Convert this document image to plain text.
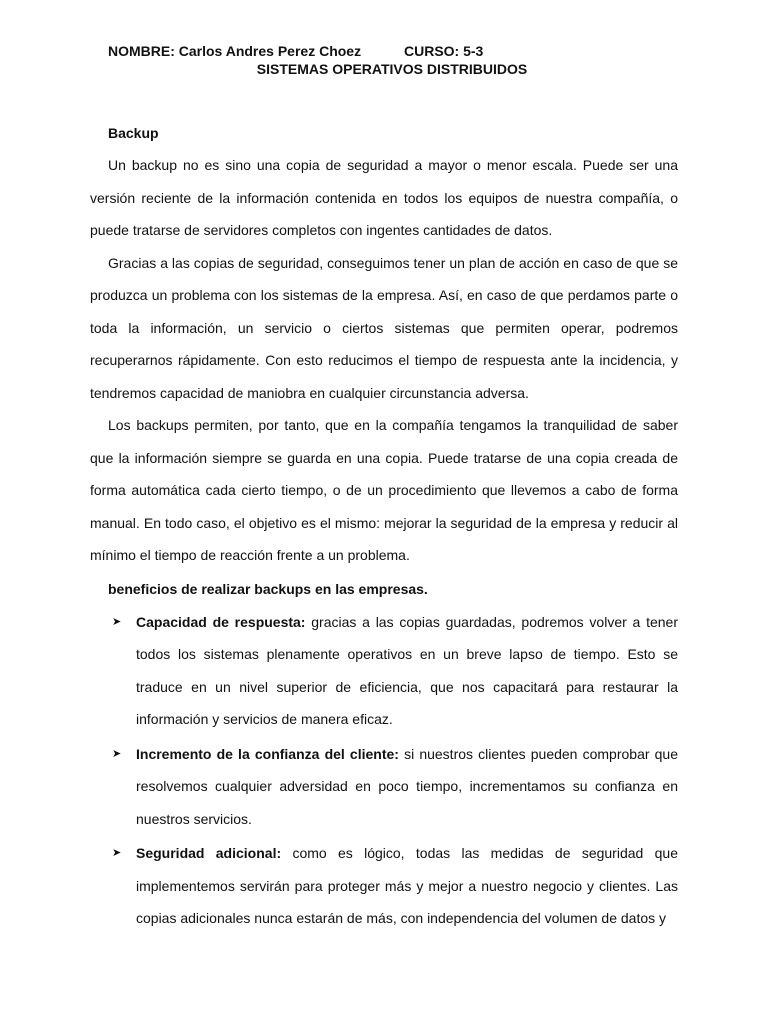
NOMBRE: Carlos Andres Perez Choez	CURSO: 5-3
SISTEMAS OPERATIVOS DISTRIBUIDOS
Backup

Un backup no es sino una copia de seguridad a mayor o menor escala. Puede ser una versión reciente de la información contenida en todos los equipos de nuestra compañía, o puede tratarse de servidores completos con ingentes cantidades de datos.

Gracias a las copias de seguridad, conseguimos tener un plan de acción en caso de que se produzca un problema con los sistemas de la empresa. Así, en caso de que perdamos parte o toda la información, un servicio o ciertos sistemas que permiten operar, podremos recuperarnos rápidamente. Con esto reducimos el tiempo de respuesta ante la incidencia, y tendremos capacidad de maniobra en cualquier circunstancia adversa.

Los backups permiten, por tanto, que en la compañía tengamos la tranquilidad de saber que la información siempre se guarda en una copia. Puede tratarse de una copia creada de forma automática cada cierto tiempo, o de un procedimiento que llevemos a cabo de forma manual. En todo caso, el objetivo es el mismo: mejorar la seguridad de la empresa y reducir al mínimo el tiempo de reacción frente a un problema.

beneficios de realizar backups en las empresas.
➤ Capacidad de respuesta: gracias a las copias guardadas, podremos volver a tener todos los sistemas plenamente operativos en un breve lapso de tiempo. Esto se traduce en un nivel superior de eficiencia, que nos capacitará para restaurar la información y servicios de manera eficaz.
➤ Incremento de la confianza del cliente: si nuestros clientes pueden comprobar que resolvemos cualquier adversidad en poco tiempo, incrementamos su confianza en nuestros servicios.
➤ Seguridad adicional: como es lógico, todas las medidas de seguridad que implementemos servirán para proteger más y mejor a nuestro negocio y clientes. Las copias adicionales nunca estarán de más, con independencia del volumen de datos y
